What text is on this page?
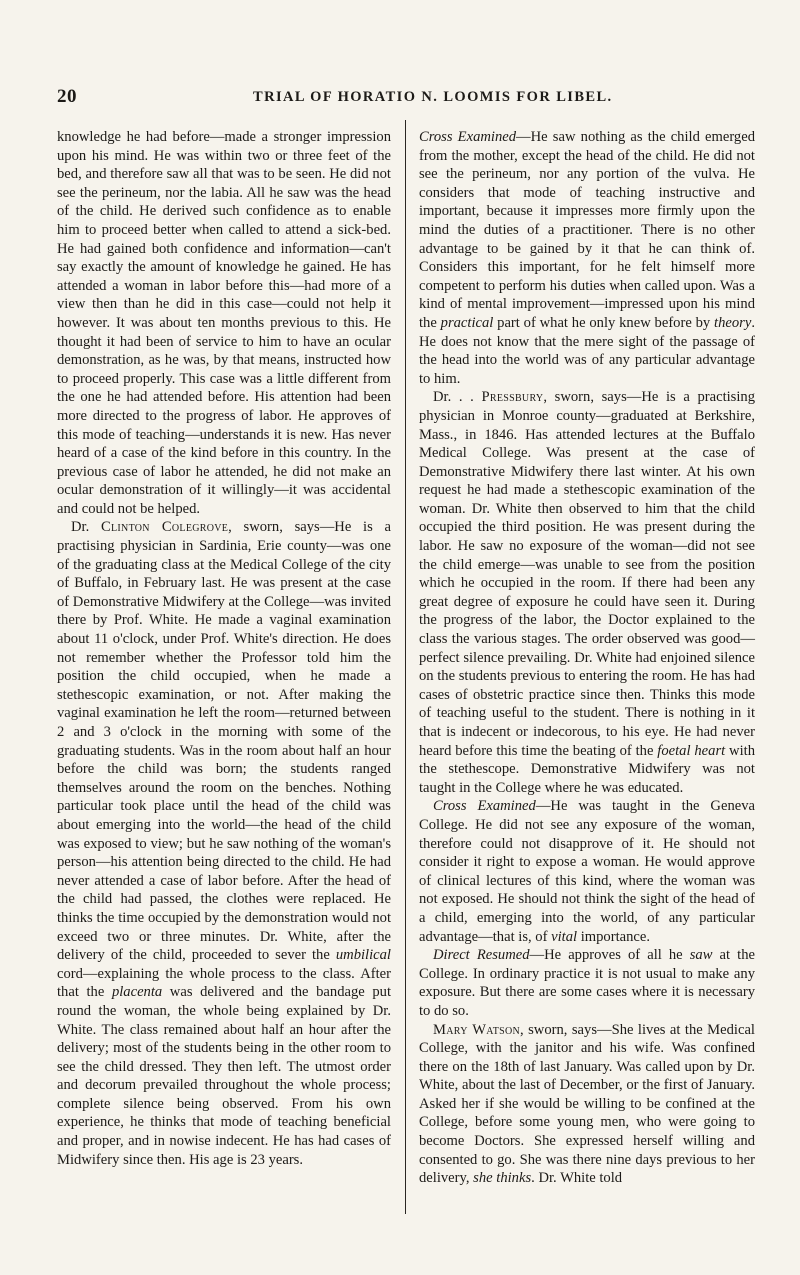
20	TRIAL OF HORATIO N. LOOMIS FOR LIBEL.

knowledge he had before—made a stronger impression upon his mind. He was within two or three feet of the bed, and therefore saw all that was to be seen. He did not see the perineum, nor the labia. All he saw was the head of the child. He derived such confidence as to enable him to proceed better when called to attend a sick-bed. He had gained both confidence and information—can't say exactly the amount of knowledge he gained. He has attended a woman in labor before this—had more of a view then than he did in this case—could not help it however. It was about ten months previous to this. He thought it had been of service to him to have an ocular demonstration, as he was, by that means, instructed how to proceed properly. This case was a little different from the one he had attended before. His attention had been more directed to the progress of labor. He approves of this mode of teaching—understands it is new. Has never heard of a case of the kind before in this country. In the previous case of labor he attended, he did not make an ocular demonstration of it willingly—it was accidental and could not be helped.

Dr. Clinton Colegrove, sworn, says—He is a practising physician in Sardinia, Erie county—was one of the graduating class at the Medical College of the city of Buffalo, in February last. He was present at the case of Demonstrative Midwifery at the College—was invited there by Prof. White. He made a vaginal examination about 11 o'clock, under Prof. White's direction. He does not remember whether the Professor told him the position the child occupied, when he made a stethescopic examination, or not. After making the vaginal examination he left the room—returned between 2 and 3 o'clock in the morning with some of the graduating students. Was in the room about half an hour before the child was born; the students ranged themselves around the room on the benches. Nothing particular took place until the head of the child was about emerging into the world—the head of the child was exposed to view; but he saw nothing of the woman's person—his attention being directed to the child. He had never attended a case of labor before. After the head of the child had passed, the clothes were replaced. He thinks the time occupied by the demonstration would not exceed two or three minutes. Dr. White, after the delivery of the child, proceeded to sever the umbilical cord—explaining the whole process to the class. After that the placenta was delivered and the bandage put round the woman, the whole being explained by Dr. White. The class remained about half an hour after the delivery; most of the students being in the other room to see the child dressed. They then left. The utmost order and decorum prevailed throughout the whole process; complete silence being observed. From his own experience, he thinks that mode of teaching beneficial and proper, and in nowise indecent. He has had cases of Midwifery since then. His age is 23 years.

Cross Examined—He saw nothing as the child emerged from the mother, except the head of the child. He did not see the perineum, nor any portion of the vulva. He considers that mode of teaching instructive and important, because it impresses more firmly upon the mind the duties of a practitioner. There is no other advantage to be gained by it that he can think of. Considers this important, for he felt himself more competent to perform his duties when called upon. Was a kind of mental improvement—impressed upon his mind the practical part of what he only knew before by theory. He does not know that the mere sight of the passage of the head into the world was of any particular advantage to him.

Dr. . . Pressbury, sworn, says—He is a practising physician in Monroe county—graduated at Berkshire, Mass., in 1846. Has attended lectures at the Buffalo Medical College. Was present at the case of Demonstrative Midwifery there last winter. At his own request he had made a stethescopic examination of the woman. Dr. White then observed to him that the child occupied the third position. He was present during the labor. He saw no exposure of the woman—did not see the child emerge—was unable to see from the position which he occupied in the room. If there had been any great degree of exposure he could have seen it. During the progress of the labor, the Doctor explained to the class the various stages. The order observed was good—perfect silence prevailing. Dr. White had enjoined silence on the students previous to entering the room. He has had cases of obstetric practice since then. Thinks this mode of teaching useful to the student. There is nothing in it that is indecent or indecorous, to his eye. He had never heard before this time the beating of the foetal heart with the stethescope. Demonstrative Midwifery was not taught in the College where he was educated.

Cross Examined—He was taught in the Geneva College. He did not see any exposure of the woman, therefore could not disapprove of it. He should not consider it right to expose a woman. He would approve of clinical lectures of this kind, where the woman was not exposed. He should not think the sight of the head of a child, emerging into the world, of any particular advantage—that is, of vital importance.

Direct Resumed—He approves of all he saw at the College. In ordinary practice it is not usual to make any exposure. But there are some cases where it is necessary to do so.

Mary Watson, sworn, says—She lives at the Medical College, with the janitor and his wife. Was confined there on the 18th of last January. Was called upon by Dr. White, about the last of December, or the first of January. Asked her if she would be willing to be confined at the College, before some young men, who were going to become Doctors. She expressed herself willing and consented to go. She was there nine days previous to her delivery, she thinks. Dr. White told
